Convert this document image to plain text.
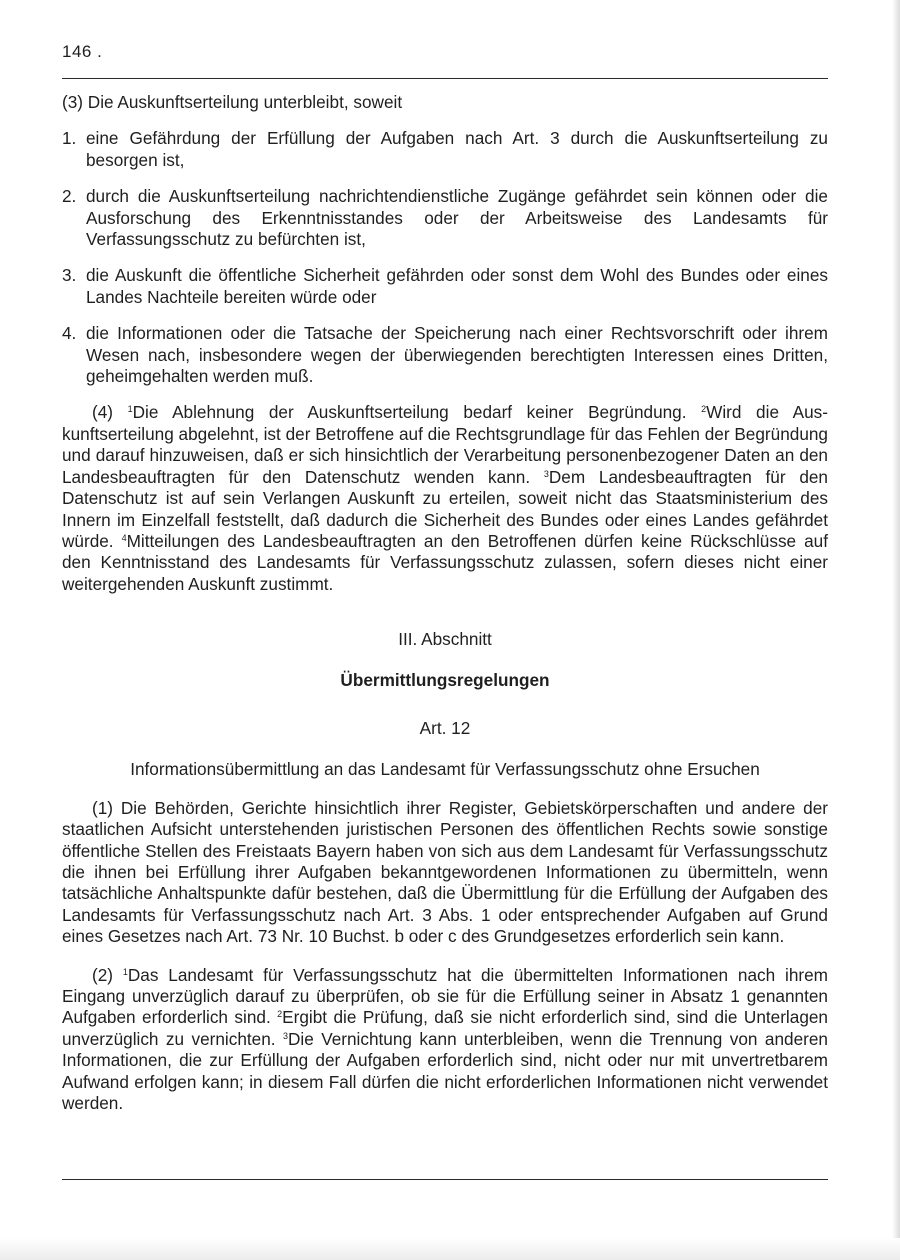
146 .
(3) Die Auskunftserteilung unterbleibt, soweit
1. eine Gefährdung der Erfüllung der Aufgaben nach Art. 3 durch die Auskunftserteilung zu besorgen ist,
2. durch die Auskunftserteilung nachrichtendienstliche Zugänge gefährdet sein können oder die Ausforschung des Erkenntnisstandes oder der Arbeitsweise des Landesamts für Verfassungsschutz zu befürchten ist,
3. die Auskunft die öffentliche Sicherheit gefährden oder sonst dem Wohl des Bundes oder eines Landes Nachteile bereiten würde oder
4. die Informationen oder die Tatsache der Speicherung nach einer Rechtsvorschrift oder ihrem Wesen nach, insbesondere wegen der überwiegenden berechtigten Interessen eines Dritten, geheimgehalten werden muß.
(4) $^1$Die Ablehnung der Auskunftserteilung bedarf keiner Begründung. $^2$Wird die Auskunftserteilung abgelehnt, ist der Betroffene auf die Rechtsgrundlage für das Fehlen der Begründung und darauf hinzuweisen, daß er sich hinsichtlich der Verarbeitung personenbezogener Daten an den Landesbeauftragten für den Datenschutz wenden kann. $^3$Dem Landesbeauftragten für den Datenschutz ist auf sein Verlangen Auskunft zu erteilen, soweit nicht das Staatsministerium des Innern im Einzelfall feststellt, daß dadurch die Sicherheit des Bundes oder eines Landes gefährdet würde. $^4$Mitteilungen des Landesbeauftragten an den Betroffenen dürfen keine Rückschlüsse auf den Kenntnisstand des Landesamts für Verfassungsschutz zulassen, sofern dieses nicht einer weitergehenden Auskunft zustimmt.
III. Abschnitt
Übermittlungsregelungen
Art. 12
Informationsübermittlung an das Landesamt für Verfassungsschutz ohne Ersuchen
(1) Die Behörden, Gerichte hinsichtlich ihrer Register, Gebietskörperschaften und andere der staatlichen Aufsicht unterstehenden juristischen Personen des öffentlichen Rechts sowie sonstige öffentliche Stellen des Freistaats Bayern haben von sich aus dem Landesamt für Verfassungsschutz die ihnen bei Erfüllung ihrer Aufgaben bekanntgewordenen Informationen zu übermitteln, wenn tatsächliche Anhaltspunkte dafür bestehen, daß die Übermittlung für die Erfüllung der Aufgaben des Landesamts für Verfassungsschutz nach Art. 3 Abs. 1 oder entsprechender Aufgaben auf Grund eines Gesetzes nach Art. 73 Nr. 10 Buchst. b oder c des Grundgesetzes erforderlich sein kann.
(2) $^1$Das Landesamt für Verfassungsschutz hat die übermittelten Informationen nach ihrem Eingang unverzüglich darauf zu überprüfen, ob sie für die Erfüllung seiner in Absatz 1 genannten Aufgaben erforderlich sind. $^2$Ergibt die Prüfung, daß sie nicht erforderlich sind, sind die Unterlagen unverzüglich zu vernichten. $^3$Die Vernichtung kann unterbleiben, wenn die Trennung von anderen Informationen, die zur Erfüllung der Aufgaben erforderlich sind, nicht oder nur mit unvertretbarem Aufwand erfolgen kann; in diesem Fall dürfen die nicht erforderlichen Informationen nicht verwendet werden.
